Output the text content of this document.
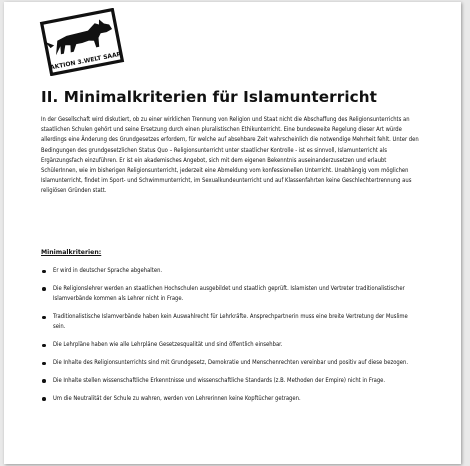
AKTION 3.WELT SAAR
II. Minimalkriterien für Islamunterricht

In der Gesellschaft wird diskutiert, ob zu einer wirklichen Trennung von Religion und Staat nicht die Abschaffung des Religionsunterrichts an staatlichen Schulen gehört und seine Ersetzung durch einen pluralistischen Ethikunterricht. Eine bundesweite Regelung dieser Art würde allerdings eine Änderung des Grundgesetzes erfordern, für welche auf absehbare Zeit wahrscheinlich die notwendige Mehrheit fehlt. Unter den Bedingungen des grundgesetzlichen Status Quo – Religionsunterricht unter staatlicher Kontrolle - ist es sinnvoll, Islamunterricht als Ergänzungsfach einzuführen. Er ist ein akademisches Angebot, sich mit dem eigenen Bekenntnis auseinanderzusetzen und erlaubt SchülerInnen, wie im bisherigen Religionsunterricht, jederzeit eine Abmeldung vom konfessionellen Unterricht. Unabhängig vom möglichen Islamunterricht, findet im Sport- und Schwimmunterricht, im Sexualkundeunterricht und auf Klassenfahrten keine Geschlechtertrennung aus religiösen Gründen statt.

Minimalkriterien:
Er wird in deutscher Sprache abgehalten.
Die Religionslehrer werden an staatlichen Hochschulen ausgebildet und staatlich geprüft. Islamisten und Vertreter traditionalistischer Islamverbände kommen als Lehrer nicht in Frage.
Traditionalistische Islamverbände haben kein Auswahlrecht für Lehrkräfte. Ansprechpartnerin muss eine breite Vertretung der Muslime sein.
Die Lehrpläne haben wie alle Lehrpläne Gesetzesqualität und sind öffentlich einsehbar.
Die Inhalte des Religionsunterrichts sind mit Grundgesetz, Demokratie und Menschenrechten vereinbar und positiv auf diese bezogen.
Die Inhalte stellen wissenschaftliche Erkenntnisse und wissenschaftliche Standards (z.B. Methoden der Empire) nicht in Frage.
Um die Neutralität der Schule zu wahren, werden von Lehrerinnen keine Kopftücher getragen.
